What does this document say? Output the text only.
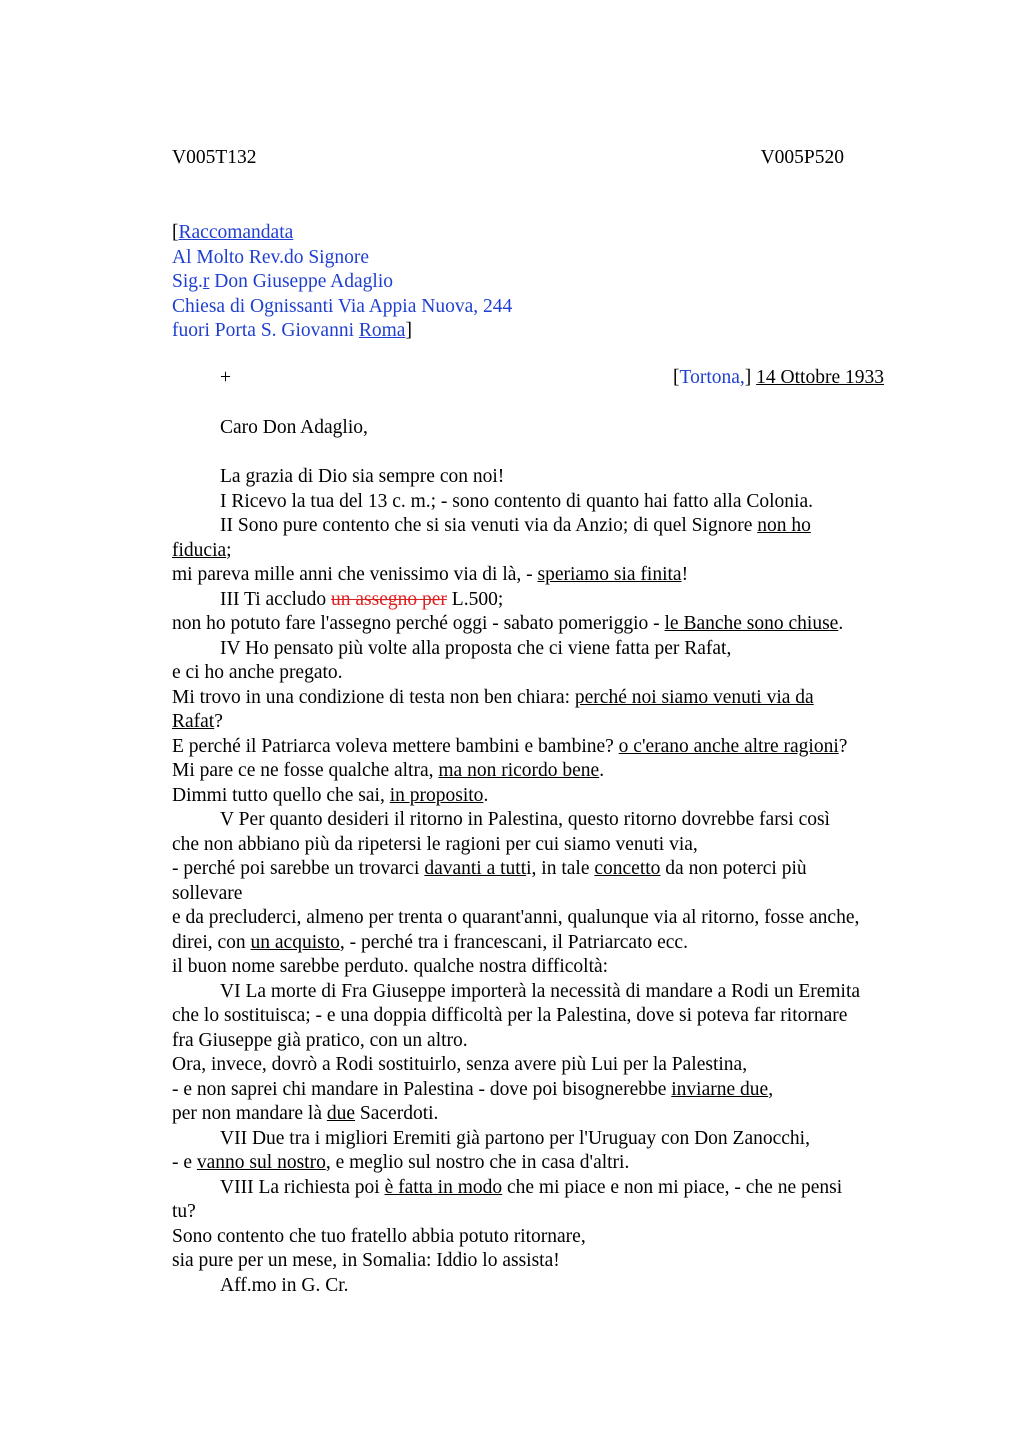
V005T132	V005P520
[Raccomandata
Al Molto Rev.do Signore
Sig.r Don Giuseppe Adaglio
Chiesa di Ognissanti Via Appia Nuova, 244
fuori Porta S. Giovanni Roma]
+	[Tortona,] 14 Ottobre 1933
Caro Don Adaglio,
La grazia di Dio sia sempre con noi!
I Ricevo la tua del 13 c. m.; - sono contento di quanto hai fatto alla Colonia.
II Sono pure contento che si sia venuti via da Anzio; di quel Signore non ho
fiducia;
mi pareva mille anni che venissimo via di là, - speriamo sia finita!
III Ti accludo un assegno per L.500;
non ho potuto fare l'assegno perché oggi - sabato pomeriggio - le Banche sono chiuse.
IV Ho pensato più volte alla proposta che ci viene fatta per Rafat,
e ci ho anche pregato.
Mi trovo in una condizione di testa non ben chiara: perché noi siamo venuti via da
Rafat?
E perché il Patriarca voleva mettere bambini e bambine? o c'erano anche altre ragioni?
Mi pare ce ne fosse qualche altra, ma non ricordo bene.
Dimmi tutto quello che sai, in proposito.
V Per quanto desideri il ritorno in Palestina, questo ritorno dovrebbe farsi così
che non abbiano più da ripetersi le ragioni per cui siamo venuti via,
- perché poi sarebbe un trovarci davanti a tutti, in tale concetto da non poterci più
sollevare
e da precluderci, almeno per trenta o quarant'anni, qualunque via al ritorno, fosse anche,
direi, con un acquisto, - perché tra i francescani, il Patriarcato ecc.
il buon nome sarebbe perduto. qualche nostra difficoltà:
VI La morte di Fra Giuseppe importerà la necessità di mandare a Rodi un Eremita
che lo sostituisca; - e una doppia difficoltà per la Palestina, dove si poteva far ritornare
fra Giuseppe già pratico, con un altro.
Ora, invece, dovrò a Rodi sostituirlo, senza avere più Lui per la Palestina,
- e non saprei chi mandare in Palestina - dove poi bisognerebbe inviarne due,
per non mandare là due Sacerdoti.
VII Due tra i migliori Eremiti già partono per l'Uruguay con Don Zanocchi,
- e vanno sul nostro, e meglio sul nostro che in casa d'altri.
VIII La richiesta poi è fatta in modo che mi piace e non mi piace, - che ne pensi
tu?
Sono contento che tuo fratello abbia potuto ritornare,
sia pure per un mese, in Somalia: Iddio lo assista!
Aff.mo in G. Cr.
